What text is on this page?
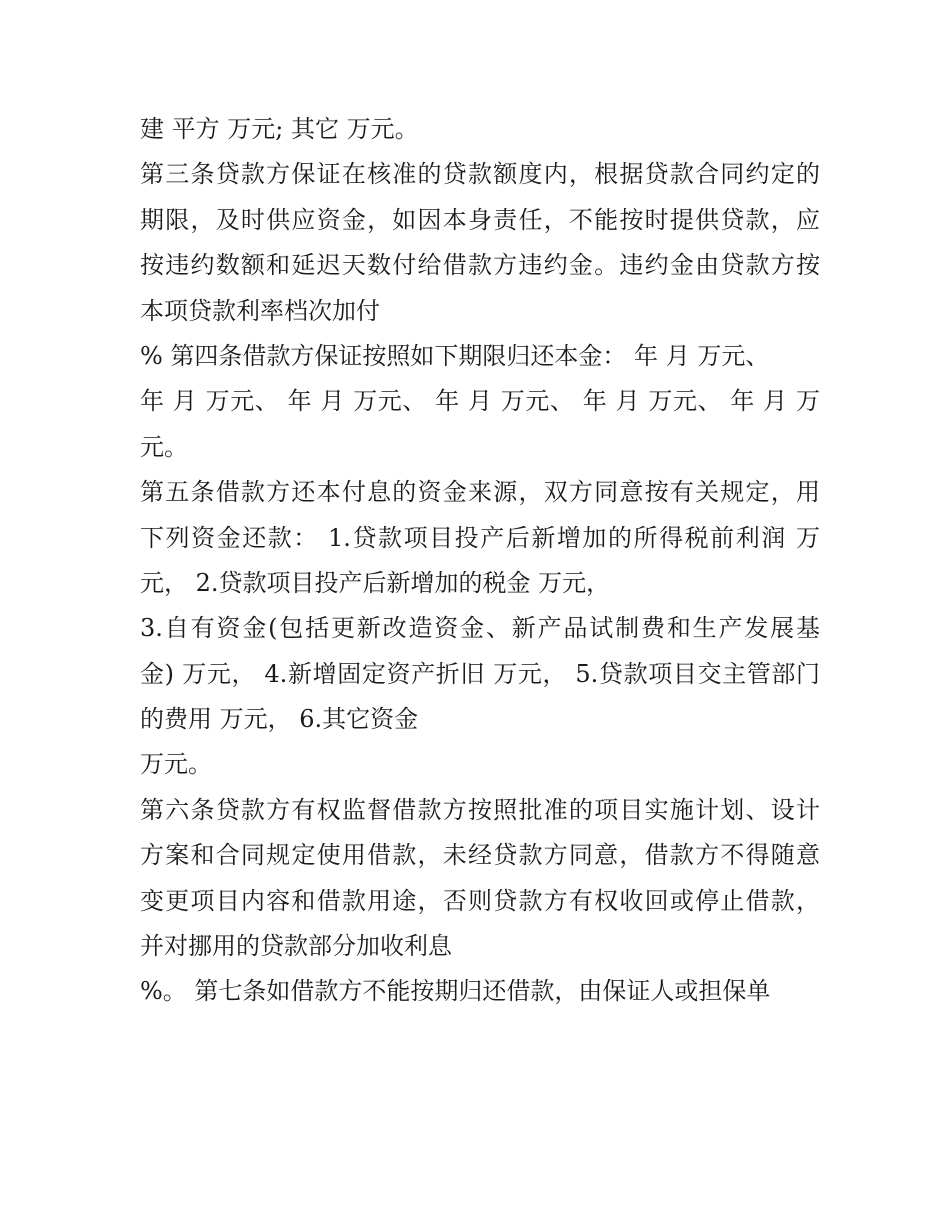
建 平方 万元; 其它 万元。
第三条贷款方保证在核准的贷款额度内，根据贷款合同约定的
期限，及时供应资金，如因本身责任，不能按时提供贷款，应
按违约数额和延迟天数付给借款方违约金。违约金由贷款方按
本项贷款利率档次加付
% 第四条借款方保证按照如下期限归还本金： 年 月 万元、
年 月 万元、 年 月 万元、 年 月 万元、 年 月 万元、 年 月 万
元。
第五条借款方还本付息的资金来源，双方同意按有关规定，用
下列资金还款： 1.贷款项目投产后新增加的所得税前利润 万
元， 2.贷款项目投产后新增加的税金 万元，
3.自有资金(包括更新改造资金、新产品试制费和生产发展基
金) 万元， 4.新增固定资产折旧 万元， 5.贷款项目交主管部门
的费用 万元， 6.其它资金
万元。
第六条贷款方有权监督借款方按照批准的项目实施计划、设计
方案和合同规定使用借款，未经贷款方同意，借款方不得随意
变更项目内容和借款用途，否则贷款方有权收回或停止借款，
并对挪用的贷款部分加收利息
%。 第七条如借款方不能按期归还借款，由保证人或担保单
